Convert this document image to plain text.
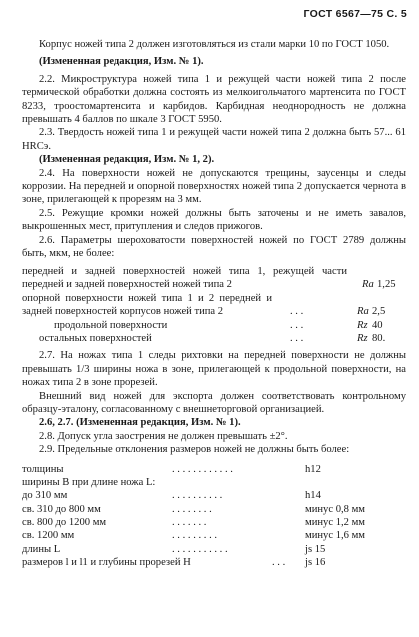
ГОСТ 6567—75 С. 5

Корпус ножей типа 2 должен изготовляться из стали марки 10 по ГОСТ 1050.

(Измененная редакция, Изм. № 1).

2.2. Микроструктура ножей типа 1 и режущей части ножей типа 2 после термической обработки должна состоять из мелкоигольчатого мартенсита по ГОСТ 8233, троостомартенсита и карбидов. Карбидная неоднородность не должна превышать 4 баллов по шкале 3 ГОСТ 5950.

2.3. Твердость ножей типа 1 и режущей части ножей типа 2 должна быть 57... 61 HRCэ.

(Измененная редакция, Изм. № 1, 2).

2.4. На поверхности ножей не допускаются трещины, заусенцы и следы коррозии. На передней и опорной поверхностях ножей типа 2 допускается чернота в зоне, прилегающей к прорезям на 3 мм.

2.5. Режущие кромки ножей должны быть заточены и не иметь завалов, выкрошенных мест, притупления и следов прижогов.

2.6. Параметры шероховатости поверхностей ножей по ГОСТ 2789 должны быть, мкм, не более:

передней и задней поверхностей ножей типа 1, режущей части передней и задней поверхностей ножей типа 2	Ra 1,25
опорной поверхности ножей типа 1 и 2 передней и задней поверхностей корпусов ножей типа 2	. . .	Ra 2,5
продольной поверхности	. . .	Rz 40
остальных поверхностей	. . .	Rz 80.

2.7. На ножах типа 1 следы рихтовки на передней поверхности не должны превышать 1/3 ширины ножа в зоне, прилегающей к продольной поверхности, на ножах типа 2 в зоне прорезей.

Внешний вид ножей для экспорта должен соответствовать контрольному образцу-эталону, согласованному с внешнеторговой организацией.

2.6, 2.7. (Измененная редакция, Изм. № 1).

2.8. Допуск угла заострения не должен превышать ±2°.

2.9. Предельные отклонения размеров ножей не должны быть более:

толщины	. . . . . . . . . . . .	h12
ширины В при длине ножа L:
до 310 мм	. . . . . . . . . .	h14
св. 310 до 800 мм	. . . . . . . .	минус 0,8 мм
св. 800 до 1200 мм	. . . . . . .	минус 1,2 мм
св. 1200 мм	. . . . . . . . .	минус 1,6 мм
длины L	. . . . . . . . . . .	js 15
размеров l и l1 и глубины прорезей Н	. . . js 16
